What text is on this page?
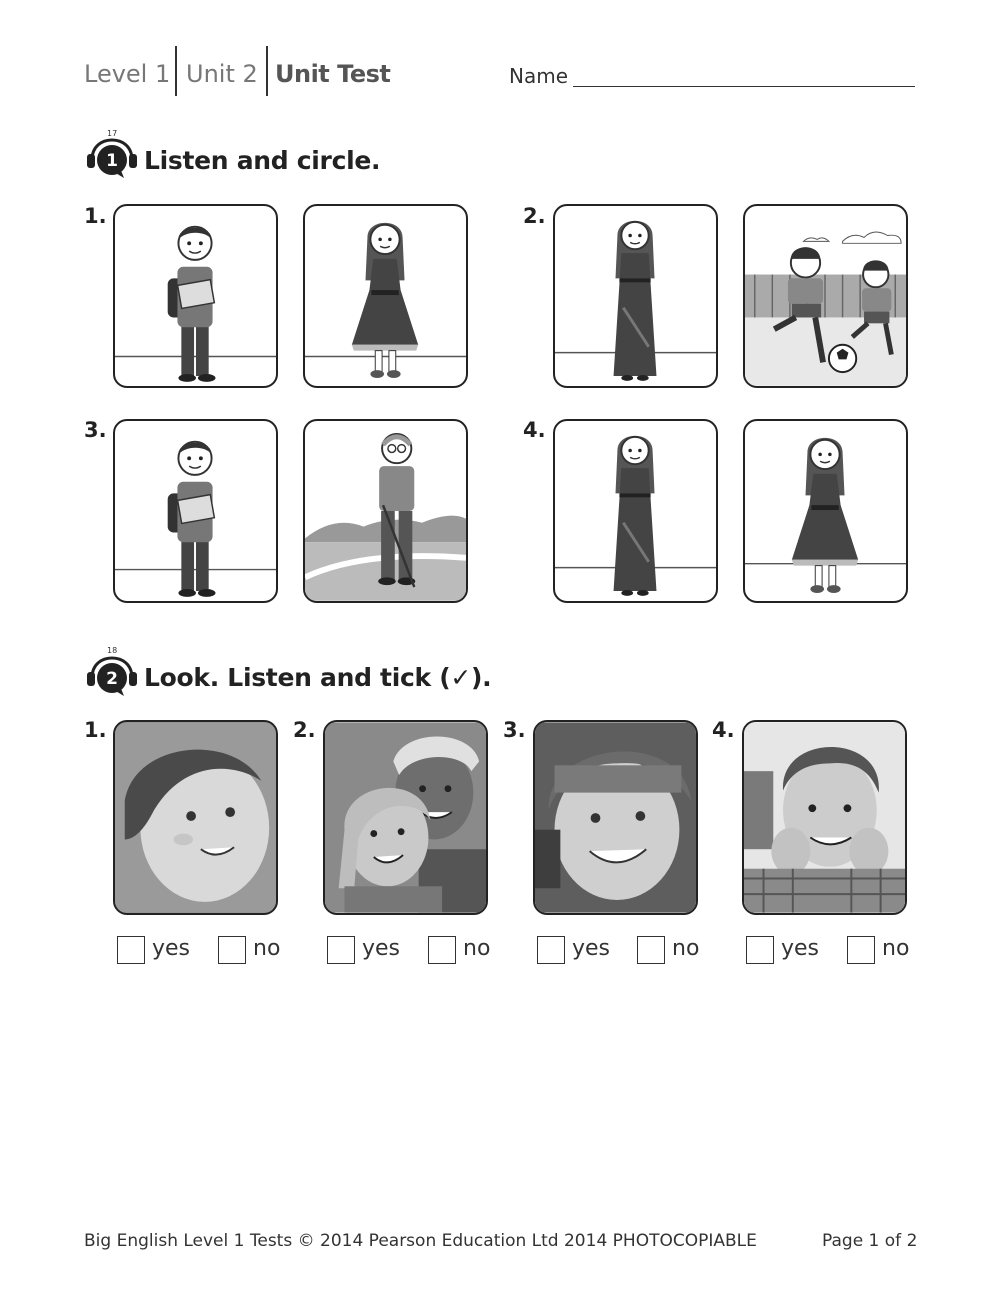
Level 1 Unit 2 Unit Test	Name
17
1 Listen and circle.
1.	2.
3.	4.
18
2 Look. Listen and tick (✓).
1.	2.	3.	4.
yes	no	yes	no	yes	no	yes	no
Big English Level 1 Tests © 2014 Pearson Education Ltd 2014 PHOTOCOPIABLE	Page 1 of 2
